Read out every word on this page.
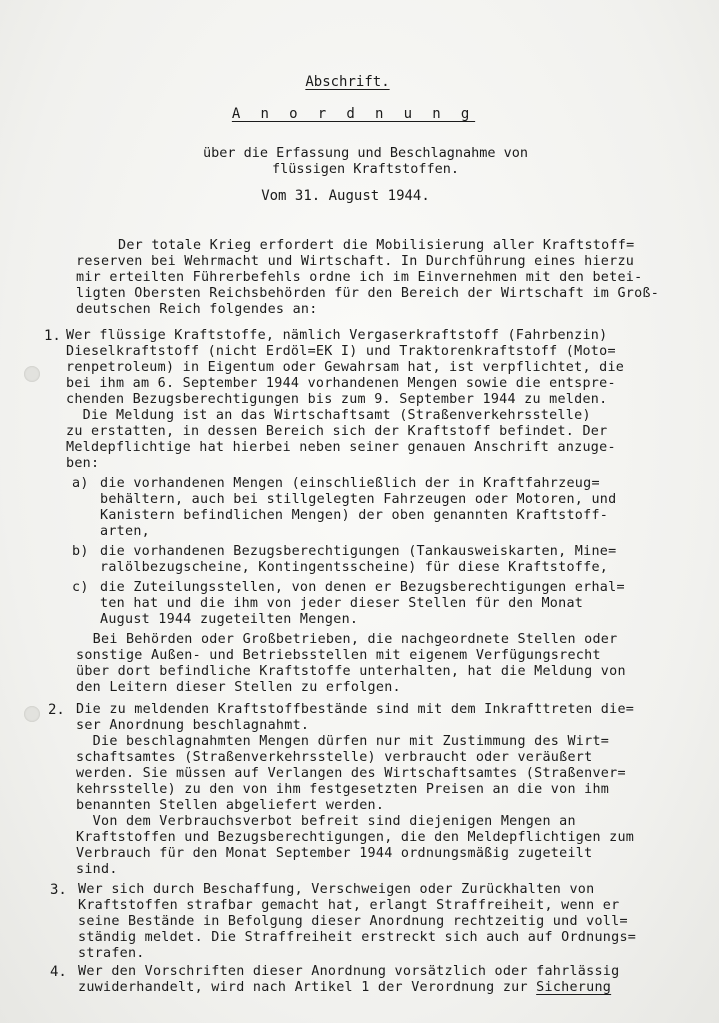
Abschrift.
A n o r d n u n g
über die Erfassung und Beschlagnahme von
flüssigen Kraftstoffen.
Vom 31. August 1944.
Der totale Krieg erfordert die Mobilisierung aller Kraftstoff=
reserven bei Wehrmacht und Wirtschaft. In Durchführung eines hierzu
mir erteilten Führerbefehls ordne ich im Einvernehmen mit den betei-
ligten Obersten Reichsbehörden für den Bereich der Wirtschaft im Groß-
deutschen Reich folgendes an:
1. Wer flüssige Kraftstoffe, nämlich Vergaserkraftstoff (Fahrbenzin)
Dieselkraftstoff (nicht Erdöl=EK I) und Traktorenkraftstoff (Moto=
renpetroleum) in Eigentum oder Gewahrsam hat, ist verpflichtet, die
bei ihm am 6. September 1944 vorhandenen Mengen sowie die entspre-
chenden Bezugsberechtigungen bis zum 9. September 1944 zu melden.
Die Meldung ist an das Wirtschaftsamt (Straßenverkehrsstelle)
zu erstatten, in dessen Bereich sich der Kraftstoff befindet. Der
Meldepflichtige hat hierbei neben seiner genauen Anschrift anzuge-
ben:
a) die vorhandenen Mengen (einschließlich der in Kraftfahrzeug=
behältern, auch bei stillgelegten Fahrzeugen oder Motoren, und
Kanistern befindlichen Mengen) der oben genannten Kraftstoff-
arten,
b) die vorhandenen Bezugsberechtigungen (Tankausweiskarten, Mine=
ralölbezugscheine, Kontingentsscheine) für diese Kraftstoffe,
c) die Zuteilungsstellen, von denen er Bezugsberechtigungen erhal=
ten hat und die ihm von jeder dieser Stellen für den Monat
August 1944 zugeteilten Mengen.
Bei Behörden oder Großbetrieben, die nachgeordnete Stellen oder
sonstige Außen- und Betriebsstellen mit eigenem Verfügungsrecht
über dort befindliche Kraftstoffe unterhalten, hat die Meldung von
den Leitern dieser Stellen zu erfolgen.
2. Die zu meldenden Kraftstoffbestände sind mit dem Inkrafttreten die=
ser Anordnung beschlagnahmt.
Die beschlagnahmten Mengen dürfen nur mit Zustimmung des Wirt=
schaftsamtes (Straßenverkehrsstelle) verbraucht oder veräußert
werden. Sie müssen auf Verlangen des Wirtschaftsamtes (Straßenver=
kehrsstelle) zu den von ihm festgesetzten Preisen an die von ihm
benannten Stellen abgeliefert werden.
Von dem Verbrauchsverbot befreit sind diejenigen Mengen an
Kraftstoffen und Bezugsberechtigungen, die den Meldepflichtigen zum
Verbrauch für den Monat September 1944 ordnungsmäßig zugeteilt
sind.
3. Wer sich durch Beschaffung, Verschweigen oder Zurückhalten von
Kraftstoffen strafbar gemacht hat, erlangt Straffreiheit, wenn er
seine Bestände in Befolgung dieser Anordnung rechtzeitig und voll=
ständig meldet. Die Straffreiheit erstreckt sich auch auf Ordnungs=
strafen.
4. Wer den Vorschriften dieser Anordnung vorsätzlich oder fahrlässig
zuwiderhandelt, wird nach Artikel 1 der Verordnung zur Sicherung
